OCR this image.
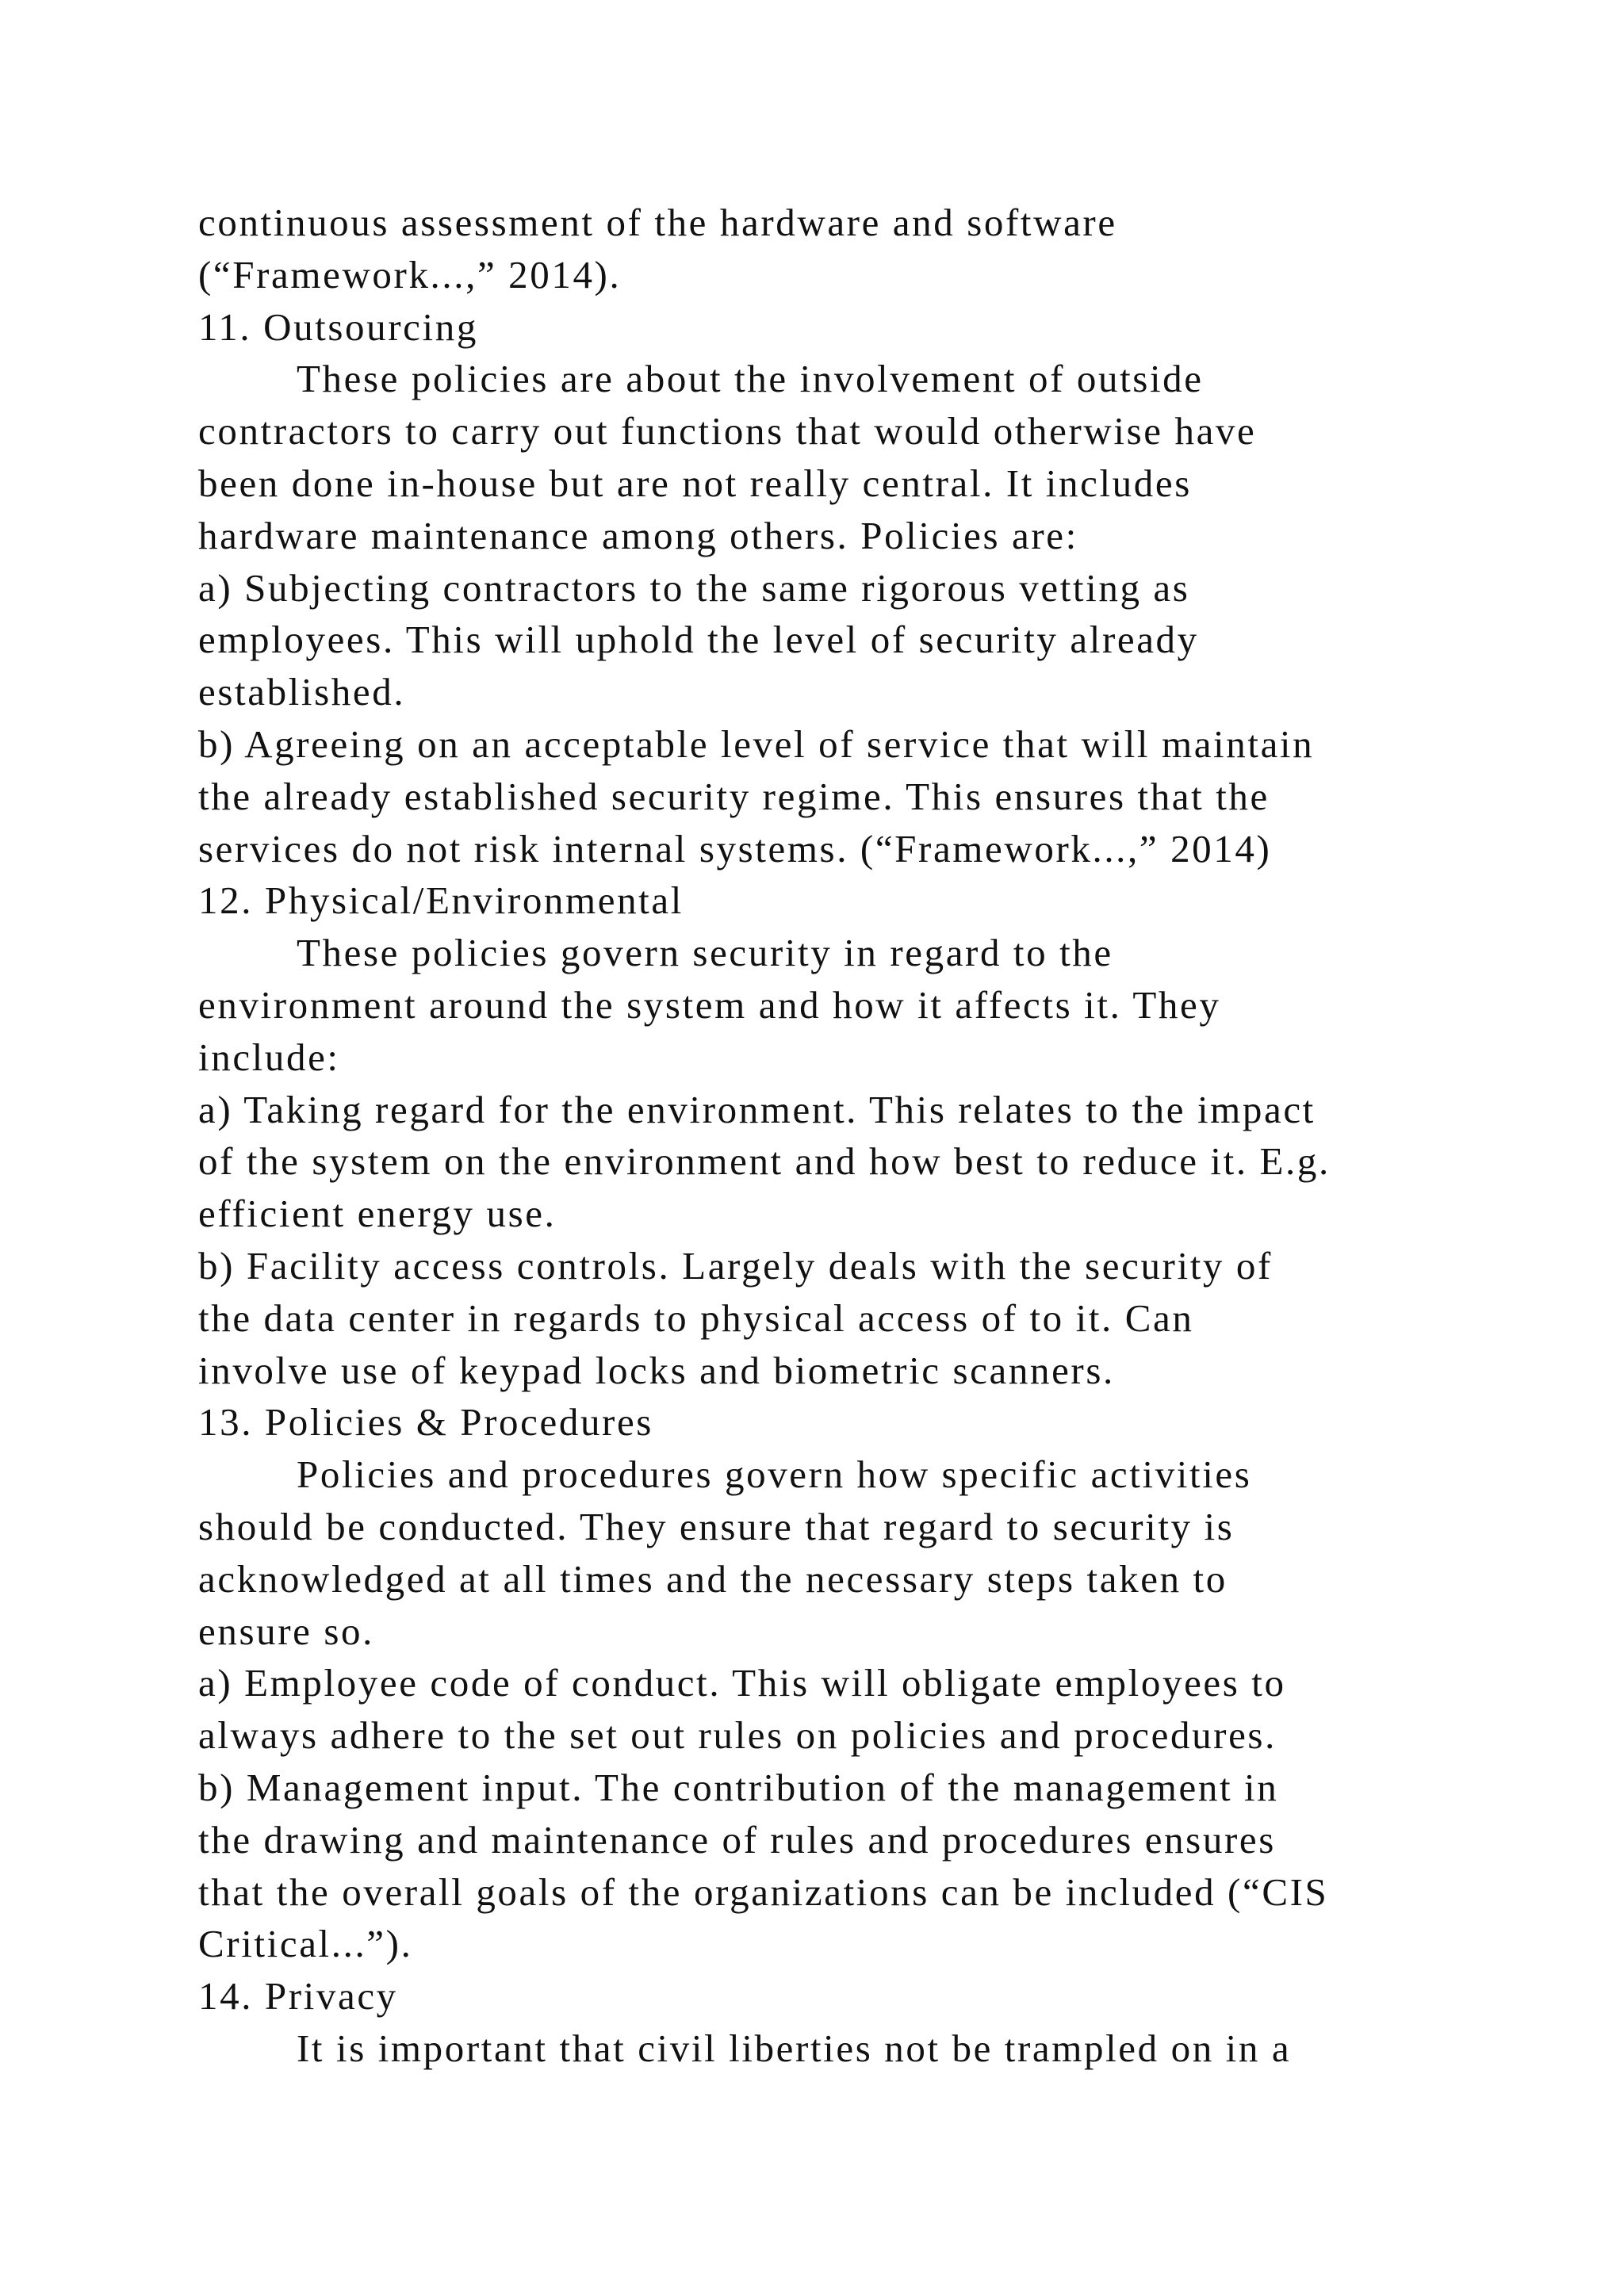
continuous assessment of the hardware and software
(“Framework...,” 2014).
11. Outsourcing
These policies are about the involvement of outside
contractors to carry out functions that would otherwise have
been done in-house but are not really central. It includes
hardware maintenance among others. Policies are:
a) Subjecting contractors to the same rigorous vetting as
employees. This will uphold the level of security already
established.
b) Agreeing on an acceptable level of service that will maintain
the already established security regime. This ensures that the
services do not risk internal systems. (“Framework...,” 2014)
12. Physical/Environmental
These policies govern security in regard to the
environment around the system and how it affects it. They
include:
a) Taking regard for the environment. This relates to the impact
of the system on the environment and how best to reduce it. E.g.
efficient energy use.
b) Facility access controls. Largely deals with the security of
the data center in regards to physical access of to it. Can
involve use of keypad locks and biometric scanners.
13. Policies & Procedures
Policies and procedures govern how specific activities
should be conducted. They ensure that regard to security is
acknowledged at all times and the necessary steps taken to
ensure so.
a) Employee code of conduct. This will obligate employees to
always adhere to the set out rules on policies and procedures.
b) Management input. The contribution of the management in
the drawing and maintenance of rules and procedures ensures
that the overall goals of the organizations can be included (“CIS
Critical...”).
14. Privacy
It is important that civil liberties not be trampled on in a
